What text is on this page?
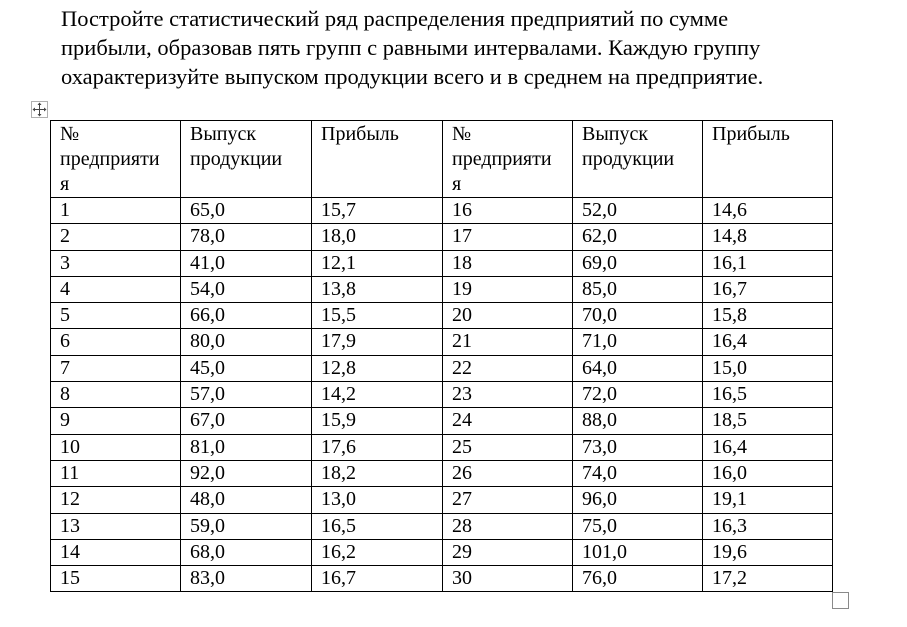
Постройте статистический ряд распределения предприятий по сумме
прибыли, образовав пять групп с равными интервалами. Каждую группу
охарактеризуйте выпуском продукции всего и в среднем на предприятие.

№
предприяти
я	Выпуск
продукции	Прибыль	№
предприяти
я	Выпуск
продукции	Прибыль
1	65,0	15,7	16	52,0	14,6
2	78,0	18,0	17	62,0	14,8
3	41,0	12,1	18	69,0	16,1
4	54,0	13,8	19	85,0	16,7
5	66,0	15,5	20	70,0	15,8
6	80,0	17,9	21	71,0	16,4
7	45,0	12,8	22	64,0	15,0
8	57,0	14,2	23	72,0	16,5
9	67,0	15,9	24	88,0	18,5
10	81,0	17,6	25	73,0	16,4
11	92,0	18,2	26	74,0	16,0
12	48,0	13,0	27	96,0	19,1
13	59,0	16,5	28	75,0	16,3
14	68,0	16,2	29	101,0	19,6
15	83,0	16,7	30	76,0	17,2
